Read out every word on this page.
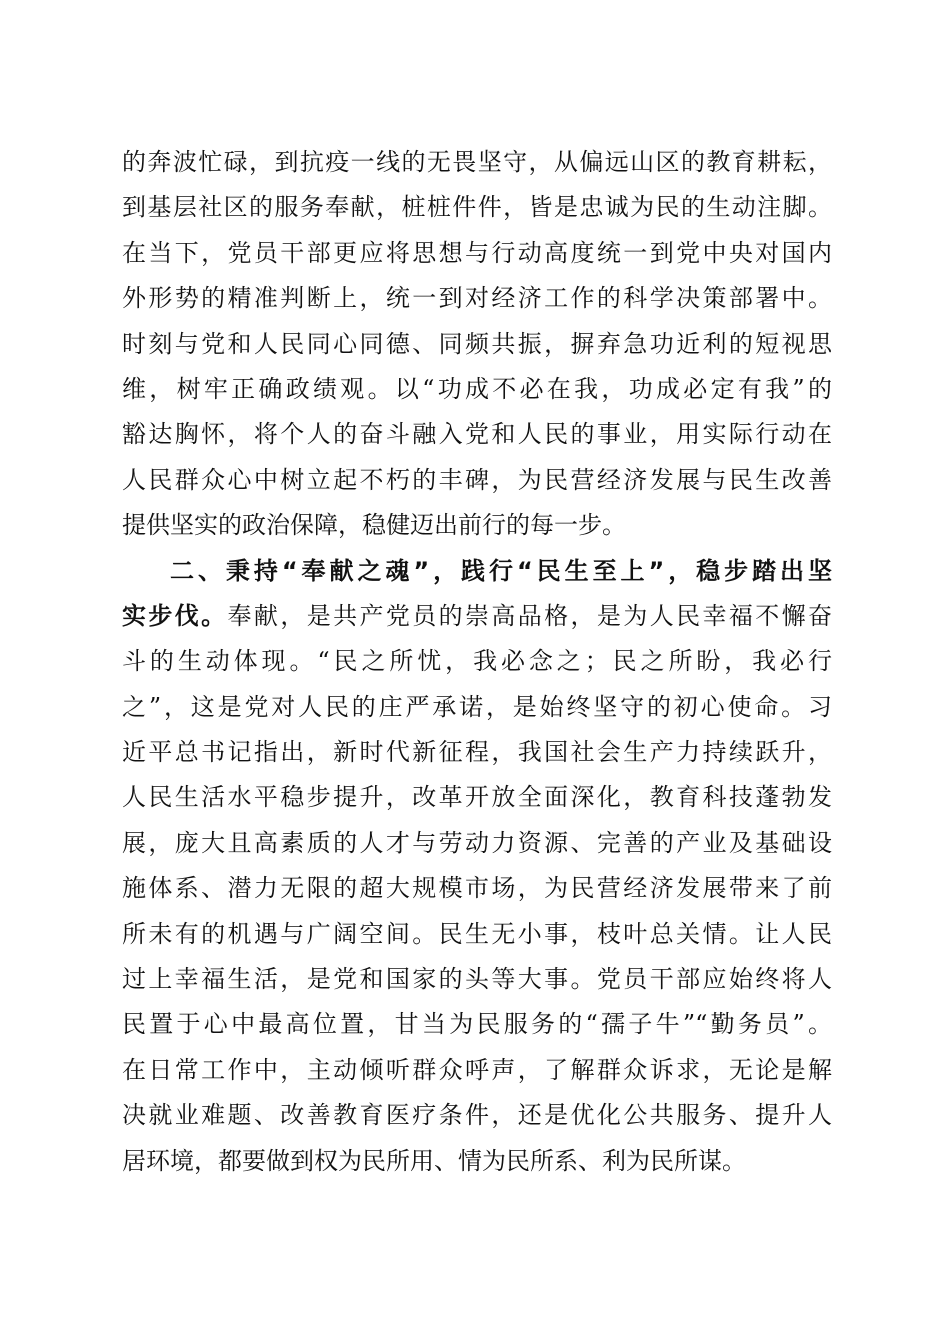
的奔波忙碌，到抗疫一线的无畏坚守，从偏远山区的教育耕耘，
到基层社区的服务奉献，桩桩件件，皆是忠诚为民的生动注脚。
在当下，党员干部更应将思想与行动高度统一到党中央对国内
外形势的精准判断上，统一到对经济工作的科学决策部署中。
时刻与党和人民同心同德、同频共振，摒弃急功近利的短视思
维，树牢正确政绩观。以“功成不必在我，功成必定有我”的
豁达胸怀，将个人的奋斗融入党和人民的事业，用实际行动在
人民群众心中树立起不朽的丰碑，为民营经济发展与民生改善
提供坚实的政治保障，稳健迈出前行的每一步。
二、秉持“奉献之魂”，践行“民生至上”，稳步踏出坚
实步伐。奉献，是共产党员的崇高品格，是为人民幸福不懈奋
斗的生动体现。“民之所忧，我必念之；民之所盼，我必行
之”，这是党对人民的庄严承诺，是始终坚守的初心使命。习
近平总书记指出，新时代新征程，我国社会生产力持续跃升，
人民生活水平稳步提升，改革开放全面深化，教育科技蓬勃发
展，庞大且高素质的人才与劳动力资源、完善的产业及基础设
施体系、潜力无限的超大规模市场，为民营经济发展带来了前
所未有的机遇与广阔空间。民生无小事，枝叶总关情。让人民
过上幸福生活，是党和国家的头等大事。党员干部应始终将人
民置于心中最高位置，甘当为民服务的“孺子牛”“勤务员”。
在日常工作中，主动倾听群众呼声，了解群众诉求，无论是解
决就业难题、改善教育医疗条件，还是优化公共服务、提升人
居环境，都要做到权为民所用、情为民所系、利为民所谋。
